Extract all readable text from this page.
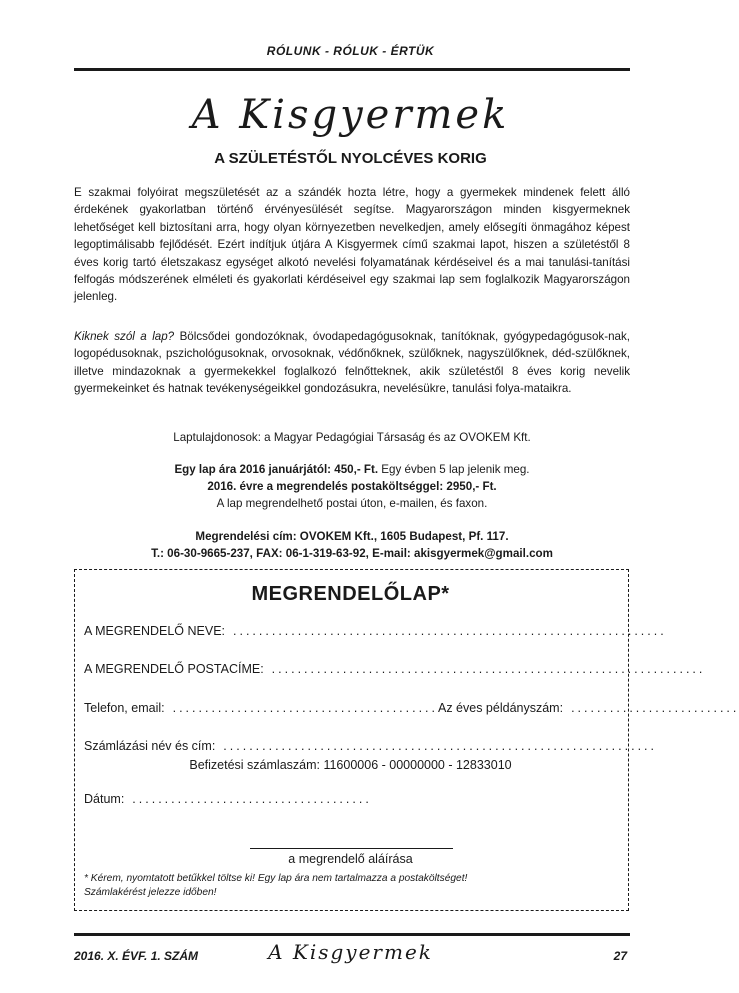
RÓLUNK - RÓLUK - ÉRTÜK
A Kisgyermek
A SZÜLETÉSTŐL NYOLCÉVES KORIG
E szakmai folyóirat megszületését az a szándék hozta létre, hogy a gyermekek mindenek felett álló érdekének gyakorlatban történő érvényesülését segítse. Magyarországon minden kisgyermeknek lehetőséget kell biztosítani arra, hogy olyan környezetben nevelkedjen, amely elősegíti önmagához képest legoptimálisabb fejlődését. Ezért indítjuk útjára A Kisgyermek című szakmai lapot, hiszen a születéstől 8 éves korig tartó életszakasz egységet alkotó nevelési folyamatának kérdéseivel és a mai tanulási-tanítási felfogás módszerének elméleti és gyakorlati kérdéseivel egy szakmai lap sem foglalkozik Magyarországon jelenleg.
Kiknek szól a lap? Bölcsődei gondozóknak, óvodapedagógusoknak, tanítóknak, gyógypedagógusok-nak, logopédusoknak, pszichológusoknak, orvosoknak, védőnőknek, szülőknek, nagyszülőknek, déd-szülőknek, illetve mindazoknak a gyermekekkel foglalkozó felnőtteknek, akik születéstől 8 éves korig nevelik gyermekeinket és hatnak tevékenységeikkel gondozásukra, nevelésükre, tanulási folya-mataikra.
Laptulajdonosok: a Magyar Pedagógiai Társaság és az OVOKEM Kft.
Egy lap ára 2016 januárjától: 450,- Ft. Egy évben 5 lap jelenik meg.
2016. évre a megrendelés postaköltséggel: 2950,- Ft.
A lap megrendelhető postai úton, e-mailen, és faxon.
Megrendelési cím: OVOKEM Kft., 1605 Budapest, Pf. 117.
T.: 06-30-9665-237, FAX: 06-1-319-63-92, E-mail: akisgyermek@gmail.com
MEGRENDELŐLAP*
A MEGRENDELŐ NEVE: ...................................................................
A MEGRENDELŐ POSTACÍME: ...................................................................
Telefon, email: ......................................... Az éves példányszám: ..........................
Számlázási név és cím: ...................................................................
Befizetési számlaszám: 11600006 - 00000000 - 12833010
Dátum: .....................................
a megrendelő aláírása
* Kérem, nyomtatott betűkkel töltse ki! Egy lap ára nem tartalmazza a postaköltséget!
Számlakérést jelezze időben!
2016. X. ÉVF. 1. SZÁM	A Kisgyermek	27
